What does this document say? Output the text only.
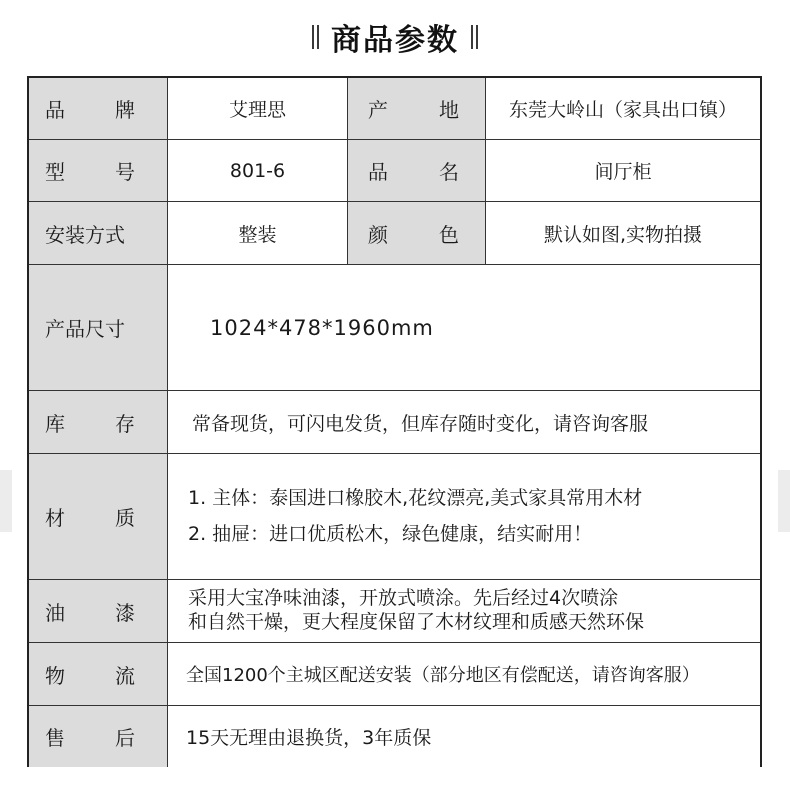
商品参数
品	牌	艾理思	产	地	东莞大岭山（家具出口镇）
型	号	801-6	品	名	间厅柜
安装方式	整装	颜	色	默认如图,实物拍摄
产品尺寸	1024*478*1960mm
库	存	常备现货，可闪电发货，但库存随时变化，请咨询客服
材	质
1. 主体：泰国进口橡胶木,花纹漂亮,美式家具常用木材
2. 抽屉：进口优质松木，绿色健康，结实耐用！
油	漆
采用大宝净味油漆，开放式喷涂。先后经过4次喷涂
和自然干燥，更大程度保留了木材纹理和质感天然环保
物	流	全国1200个主城区配送安装（部分地区有偿配送，请咨询客服）
售	后	15天无理由退换货，3年质保
